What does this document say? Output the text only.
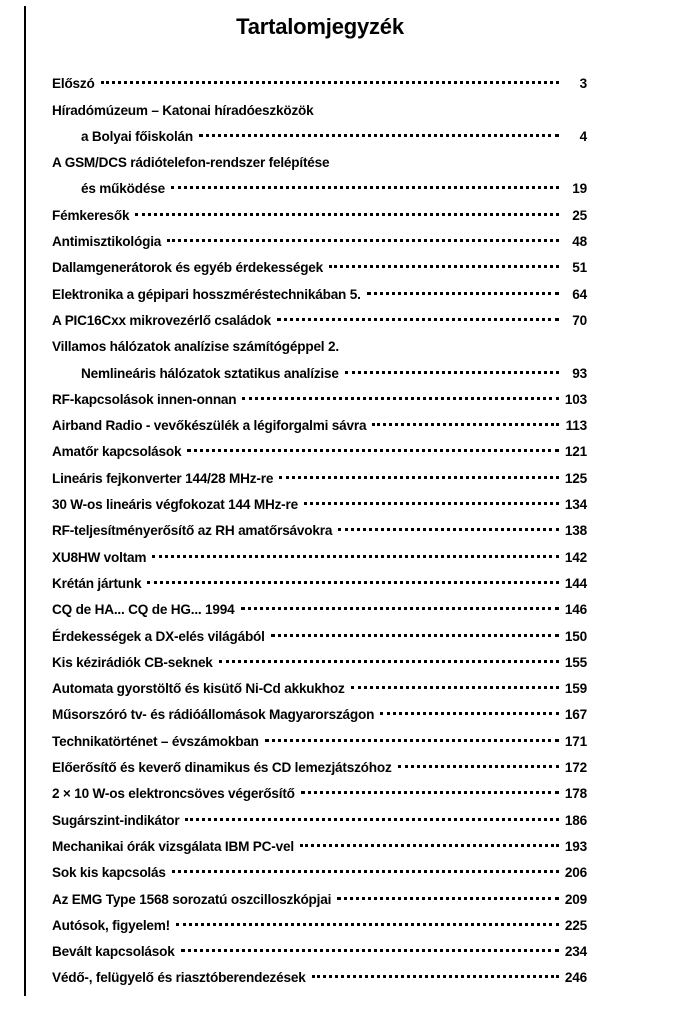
Tartalomjegyzék
Előszó	3
Híradómúzeum – Katonai híradóeszközök
a Bolyai főiskolán	4
A GSM/DCS rádiótelefon-rendszer felépítése
és működése	19
Fémkeresők	25
Antimisztikológia	48
Dallamgenerátorok és egyéb érdekességek	51
Elektronika a gépipari hosszméréstechnikában 5.	64
A PIC16Cxx mikrovezérlő családok	70
Villamos hálózatok analízise számítógéppel 2.
Nemlineáris hálózatok sztatikus analízise	93
RF-kapcsolások innen-onnan	103
Airband Radio - vevőkészülék a légiforgalmi sávra	113
Amatőr kapcsolások	121
Lineáris fejkonverter 144/28 MHz-re	125
30 W-os lineáris végfokozat 144 MHz-re	134
RF-teljesítményerősítő az RH amatőrsávokra	138
XU8HW voltam	142
Krétán jártunk	144
CQ de HA... CQ de HG... 1994	146
Érdekességek a DX-elés világából	150
Kis kézirádiók CB-seknek	155
Automata gyorstöltő és kisütő Ni-Cd akkukhoz	159
Műsorszóró tv- és rádióállomások Magyarországon	167
Technikatörténet – évszámokban	171
Előerősítő és keverő dinamikus és CD lemezjátszóhoz	172
2 × 10 W-os elektroncsöves végerősítő	178
Sugárszint-indikátor	186
Mechanikai órák vizsgálata IBM PC-vel	193
Sok kis kapcsolás	206
Az EMG Type 1568 sorozatú oszcilloszkópjai	209
Autósok, figyelem!	225
Bevált kapcsolások	234
Védő-, felügyelő és riasztóberendezések	246
